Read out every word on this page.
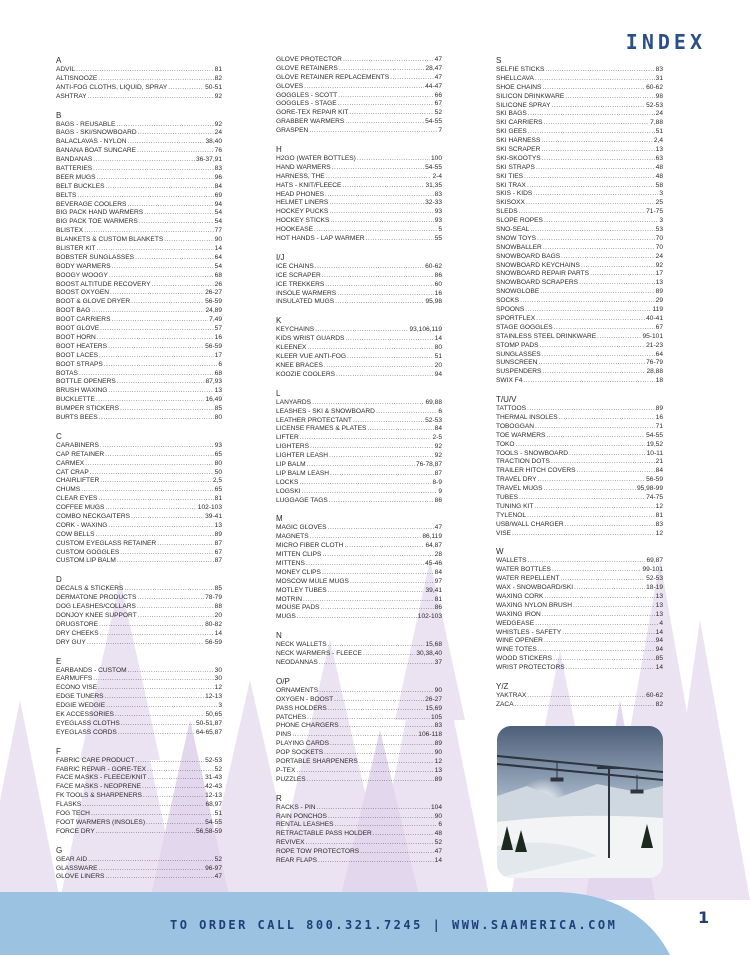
INDEX
A
ADVIL .....	81
ALTISNOOZE .....	82
ANTI-FOG CLOTHS, LIQUID, SPRAY .....	50-51
ASHTRAY .....	92
B
BAGS - REUSABLE .....	92
BAGS - SKI/SNOWBOARD .....	24
BALACLAVAS - NYLON .....	38,40
BANANA BOAT SUNCARE .....	76
BANDANAS .....	36-37,91
BATTERIES .....	83
BEER MUGS .....	96
BELT BUCKLES .....	84
BELTS .....	69
BEVERAGE COOLERS .....	94
BIG PACK HAND WARMERS .....	54
BIG PACK TOE WARMERS .....	54
BLISTEX .....	77
BLANKETS & CUSTOM BLANKETS .....	90
BLISTER KIT .....	14
BOBSTER SUNGLASSES .....	64
BODY WARMERS .....	54
BOOGY WOOGY .....	68
BOOST ALTITUDE RECOVERY .....	26
BOOST OXYGEN .....	26-27
BOOT & GLOVE DRYER .....	56-59
BOOT BAG .....	24,89
BOOT CARRIERS .....	7,49
BOOT GLOVE .....	57
BOOT HORN .....	16
BOOT HEATERS .....	56-59
BOOT LACES .....	17
BOOT STRAPS .....	6
BOTAS .....	68
BOTTLE OPENERS .....	87,93
BRUSH WAXING .....	13
BUCKLETTE .....	16,49
BUMPER STICKERS .....	85
BURTS BEES .....	80
C
CARABINERS .....	93
CAP RETAINER .....	65
CARMEX .....	80
CAT CRAP .....	50
CHAIRLIFTER .....	2,5
CHUMS .....	65
CLEAR EYES .....	81
COFFEE MUGS .....	102-103
COMBO NECKGAITERS .....	39-41
CORK - WAXING .....	13
COW BELLS .....	89
CUSTOM EYEGLASS RETAINER .....	87
CUSTOM GOGGLES .....	67
CUSTOM LIP BALM .....	87
D
DECALS & STICKERS .....	85
DERMATONE PRODUCTS .....	78-79
DOG LEASHES/COLLARS .....	88
DONJOY KNEE SUPPORT .....	20
DRUGSTORE .....	80-82
DRY CHEEKS .....	14
DRY GUY .....	56-59
E
EARBANDS - CUSTOM .....	30
EARMUFFS .....	30
ECONO VISE .....	12
EDGE TUNERS .....	12-13
EDGIE WEDGIE .....	3
EK ACCESSORIES .....	50,65
EYEGLASS CLOTHS .....	50-51,87
EYEGLASS CORDS .....	64-65,87
F
FABRIC CARE PRODUCT .....	52-53
FABRIC REPAIR - GORE-TEX .....	52
FACE MASKS - FLEECE/KNIT .....	31-43
FACE MASKS - NEOPRENE .....	42-43
FK TOOLS & SHARPENERS .....	12-13
FLASKS .....	68,97
FOG TECH .....	51
FOOT WARMERS (INSOLES) .....	54-55
FORCE DRY .....	56,58-59
G
GEAR AID .....	52
GLASSWARE .....	96-97
GLOVE LINERS .....	47
GLOVE PROTECTOR .....	47
GLOVE RETAINERS .....	28,47
GLOVE RETAINER REPLACEMENTS .....	47
GLOVES .....	44-47
GOGGLES - SCOTT .....	66
GOGGLES - STAGE .....	67
GORE-TEX REPAIR KIT .....	52
GRABBER WARMERS .....	54-55
GRASPEN .....	7
H
H2GO (WATER BOTTLES) .....	100
HAND WARMERS .....	54-55
HARNESS, THE .....	2-4
HATS - KNIT/FLEECE .....	31,35
HEAD PHONES .....	83
HELMET LINERS .....	32-33
HOCKEY PUCKS .....	93
HOCKEY STICKS .....	93
HOOKEASE .....	5
HOT HANDS - LAP WARMER .....	55
I/J
ICE CHAINS .....	60-62
ICE SCRAPER .....	86
ICE TREKKERS .....	60
INSOLE WARMERS .....	16
INSULATED MUGS .....	95,98
K
KEYCHAINS .....	93,106,119
KIDS WRIST GUARDS .....	14
KLEENEX .....	80
KLEER VUE ANTI-FOG .....	51
KNEE BRACES .....	20
KOOZIE COOLERS .....	94
L
LANYARDS .....	69,88
LEASHES - SKI & SNOWBOARD .....	6
LEATHER PROTECTANT .....	52-53
LICENSE FRAMES & PLATES .....	84
LIFTER .....	2-5
LIGHTERS .....	92
LIGHTER LEASH .....	92
LIP BALM .....	76-78,87
LIP BALM LEASH .....	87
LOCKS .....	8-9
LOGSKI .....	9
LUGGAGE TAGS .....	86
M
MAGIC GLOVES .....	47
MAGNETS .....	86,119
MICRO FIBER CLOTH .....	64,87
MITTEN CLIPS .....	28
MITTENS .....	45-46
MONEY CLIPS .....	84
MOSCOW MULE MUGS .....	97
MOTLEY TUBES .....	39,41
MOTRIN .....	81
MOUSE PADS .....	86
MUGS .....	102-103
N
NECK WALLETS .....	15,68
NECK WARMERS - FLEECE .....	30,38,40
NEODANNAS .....	37
O/P
ORNAMENTS .....	90
OXYGEN - BOOST .....	26-27
PASS HOLDERS .....	15,69
PATCHES .....	105
PHONE CHARGERS .....	83
PINS .....	106-118
PLAYING CARDS .....	89
POP SOCKETS .....	90
PORTABLE SHARPENERS .....	12
P-TEX .....	13
PUZZLES .....	89
R
RACKS - PIN .....	104
RAIN PONCHOS .....	90
RENTAL LEASHES .....	6
RETRACTABLE PASS HOLDER .....	48
REVIVEX .....	52
ROPE TOW PROTECTORS .....	47
REAR FLAPS .....	14
S
SELFIE STICKS .....	83
SHELLCAVA .....	31
SHOE CHAINS .....	60-62
SILICON DRINKWARE .....	98
SILICONE SPRAY .....	52-53
SKI BAGS .....	24
SKI CARRIERS .....	7,88
SKI GEES .....	51
SKI HARNESS .....	2,4
SKI SCRAPER .....	13
SKI-SKOOTYS .....	63
SKI STRAPS .....	48
SKI TIES .....	48
SKI TRAX .....	58
SKIS - KIDS .....	3
SKISOXX .....	25
SLEDS .....	71-75
SLOPE ROPES .....	3
SNO-SEAL .....	53
SNOW TOYS .....	70
SNOWBALLER .....	70
SNOWBOARD BAGS .....	24
SNOWBOARD KEYCHAINS .....	92
SNOWBOARD REPAIR PARTS .....	17
SNOWBOARD SCRAPERS .....	13
SNOWGLOBE .....	89
SOCKS .....	29
SPOONS .....	119
SPORTFLEX .....	40-41
STAGE GOGGLES .....	67
STAINLESS STEEL DRINKWARE .....	95-101
STOMP PADS .....	21-23
SUNGLASSES .....	64
SUNSCREEN .....	76-79
SUSPENDERS .....	28,88
SWIX F4 .....	18
T/U/V
TATTOOS .....	89
THERMAL INSOLES .....	16
TOBOGGAN .....	71
TOE WARMERS .....	54-55
TOKO .....	19,52
TOOLS - SNOWBOARD .....	10-11
TRACTION DOTS .....	21
TRAILER HITCH COVERS .....	84
TRAVEL DRY .....	56-59
TRAVEL MUGS .....	95,98-99
TUBES .....	74-75
TUNING KIT .....	12
TYLENOL .....	81
USB/WALL CHARGER .....	83
VISE .....	12
W
WALLETS .....	69,87
WATER BOTTLES .....	99-101
WATER REPELLENT .....	52-53
WAX - SNOWBOARD/SKI .....	18-19
WAXING CORK .....	13
WAXING NYLON BRUSH .....	13
WAXING IRON .....	13
WEDGEASE .....	4
WHISTLES - SAFETY .....	14
WINE OPENER .....	94
WINE TOTES .....	94
WOOD STICKERS .....	85
WRIST PROTECTORS .....	14
Y/Z
YAKTRAX .....	60-62
ZACA .....	82
TO ORDER CALL 800.321.7245 | WWW.SAAMERICA.COM	1
